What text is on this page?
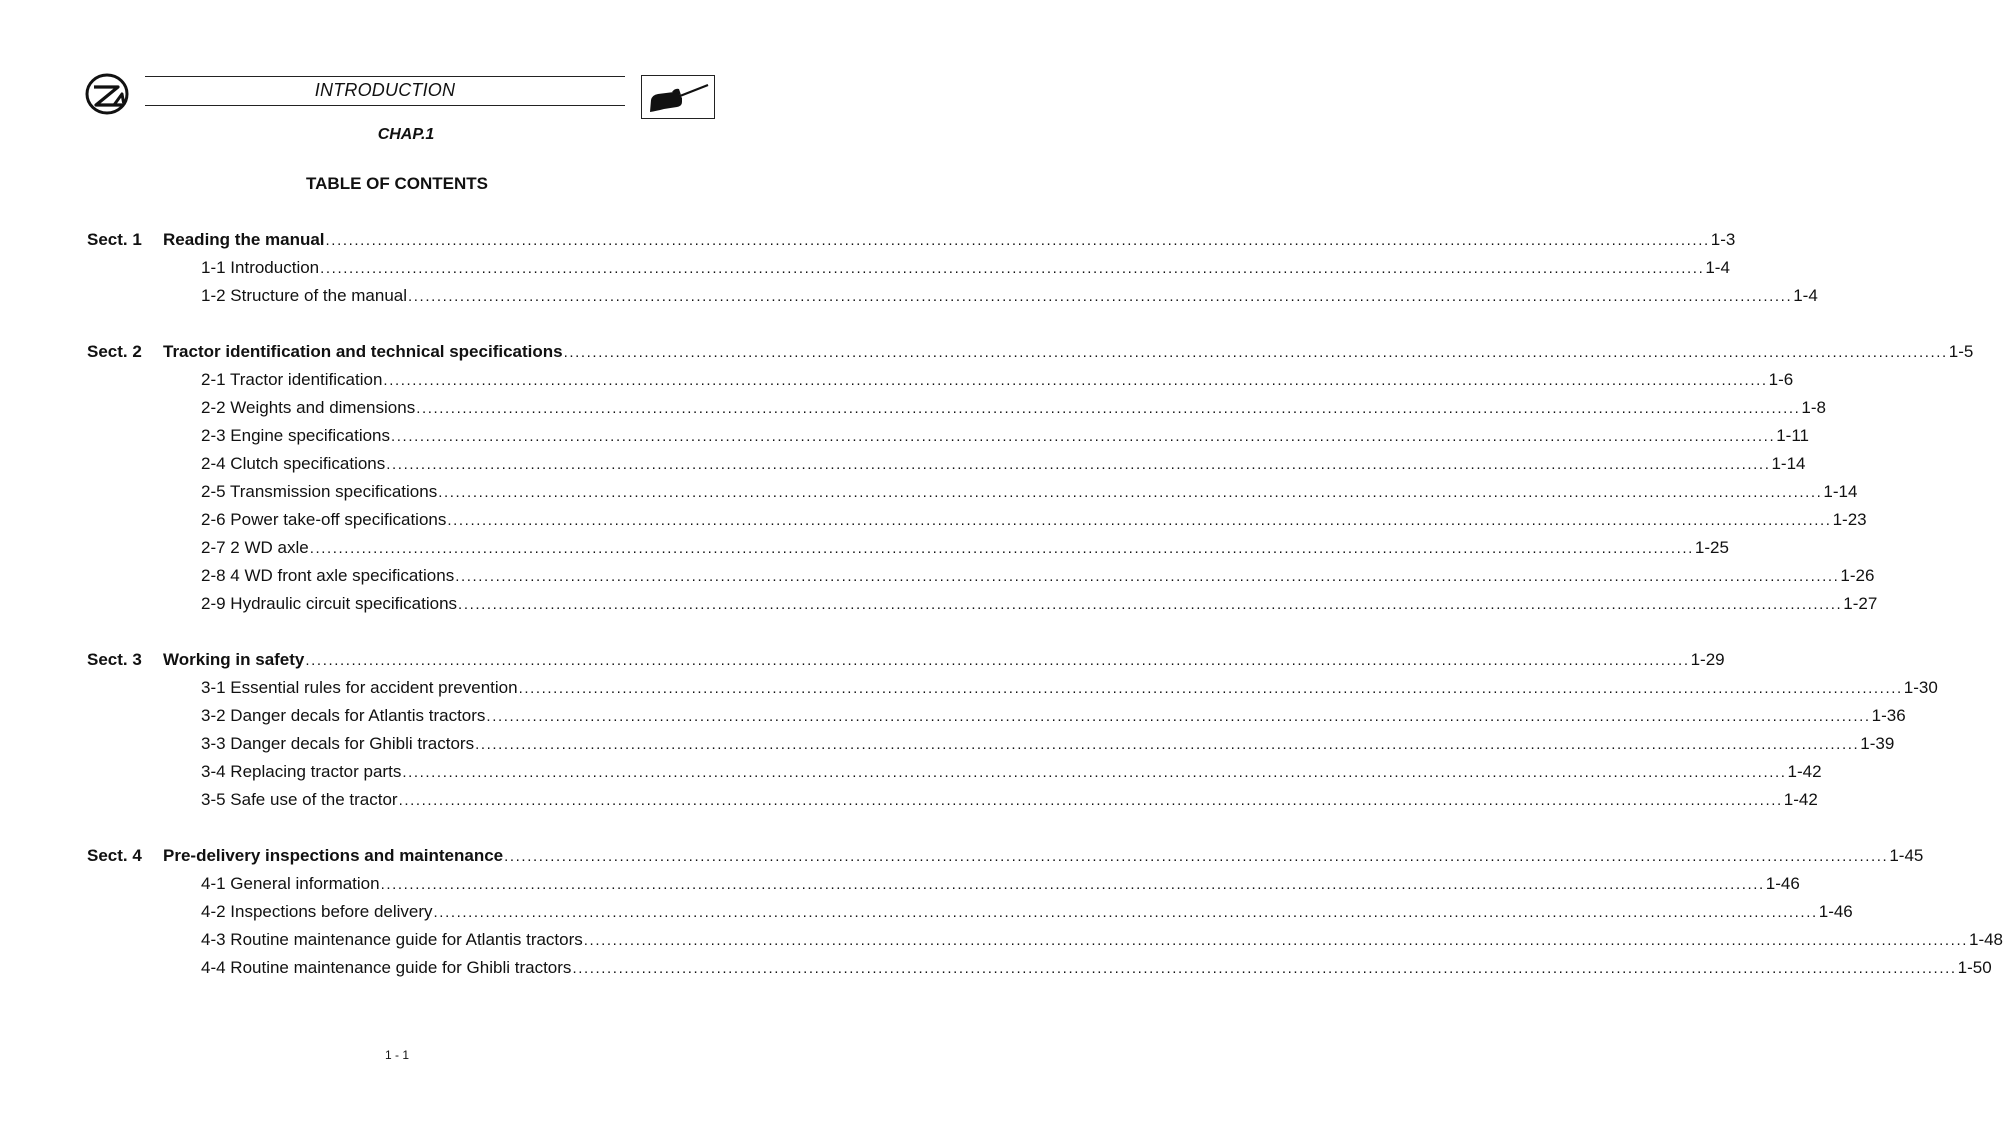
INTRODUCTION
CHAP.1
TABLE OF CONTENTS
Sect. 1 Reading the manual ................................................................................................................................................................................................................................................ 1-3
1-1 Introduction ................................................................................................................................................................................................................................................ 1-4
1-2 Structure of the manual ................................................................................................................................................................................................................................................ 1-4
Sect. 2 Tractor identification and technical specifications ................................................................................................................................................................................................................................................ 1-5
2-1 Tractor identification ................................................................................................................................................................................................................................................ 1-6
2-2 Weights and dimensions ................................................................................................................................................................................................................................................ 1-8
2-3 Engine specifications ................................................................................................................................................................................................................................................ 1-11
2-4 Clutch specifications ................................................................................................................................................................................................................................................ 1-14
2-5 Transmission specifications ................................................................................................................................................................................................................................................ 1-14
2-6 Power take-off specifications ................................................................................................................................................................................................................................................ 1-23
2-7 2 WD axle ................................................................................................................................................................................................................................................ 1-25
2-8 4 WD front axle specifications ................................................................................................................................................................................................................................................ 1-26
2-9 Hydraulic circuit specifications ................................................................................................................................................................................................................................................ 1-27
Sect. 3 Working in safety ................................................................................................................................................................................................................................................ 1-29
3-1 Essential rules for accident prevention ................................................................................................................................................................................................................................................ 1-30
3-2 Danger decals for Atlantis tractors ................................................................................................................................................................................................................................................ 1-36
3-3 Danger decals for Ghibli tractors ................................................................................................................................................................................................................................................ 1-39
3-4 Replacing tractor parts ................................................................................................................................................................................................................................................ 1-42
3-5 Safe use of the tractor ................................................................................................................................................................................................................................................ 1-42
Sect. 4 Pre-delivery inspections and maintenance ................................................................................................................................................................................................................................................ 1-45
4-1 General information ................................................................................................................................................................................................................................................ 1-46
4-2 Inspections before delivery ................................................................................................................................................................................................................................................ 1-46
4-3 Routine maintenance guide for Atlantis tractors ................................................................................................................................................................................................................................................ 1-48
4-4 Routine maintenance guide for Ghibli tractors ................................................................................................................................................................................................................................................ 1-50
1 - 1
